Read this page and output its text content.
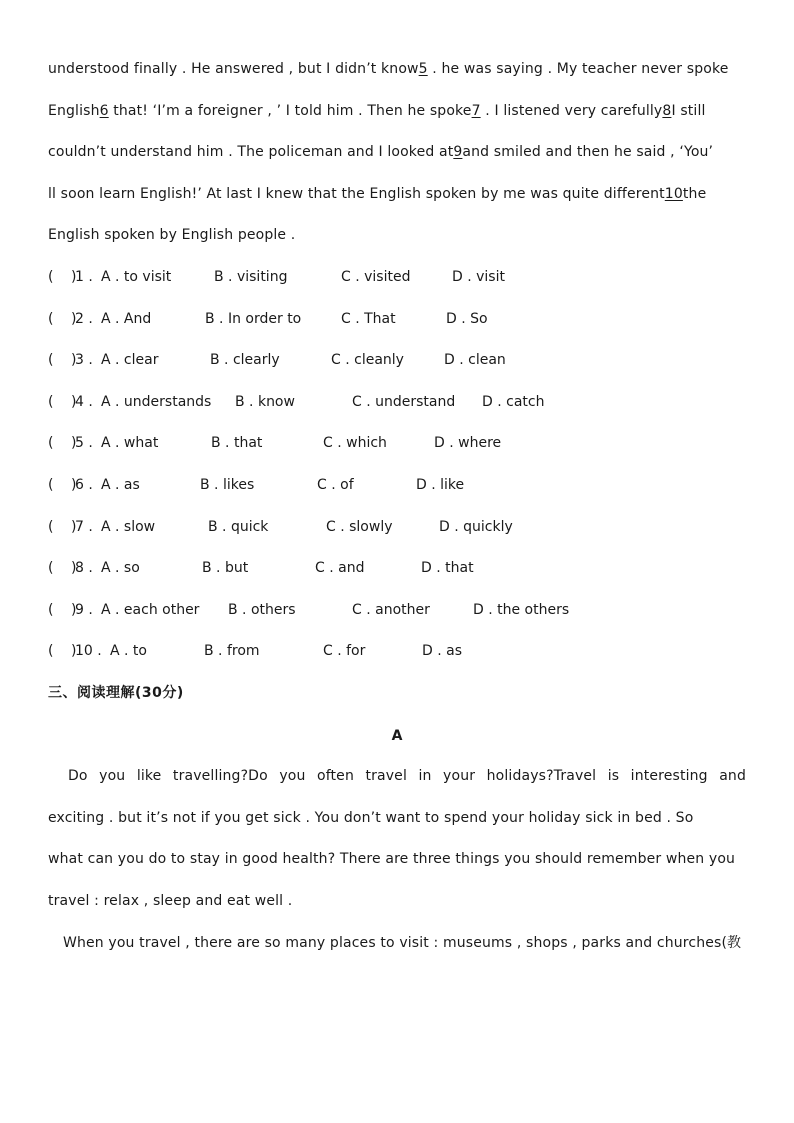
understood finally . He answered , but I didn’t know5 . he was saying . My teacher never spoke
English6 that! ‘I’m a foreigner , ’ I told him . Then he spoke7 . I listened very carefully8I still
couldn’t understand him . The policeman and I looked at9and smiled and then he said , ‘You’
ll soon learn English!’ At last I knew that the English spoken by me was quite different10the
English spoken by English people .
( )
1 . A . to visit	B . visiting	C . visited	D . visit
( )
2 . A . And	B . In order to	C . That	D . So
( )
3 . A . clear	B . clearly	C . cleanly	D . clean
( )
4 . A . understands B . know	C . understand D . catch
( )
5 . A . what	B . that	C . which	D . where
( )
6 . A . as	B . likes	C . of	D . like
( )
7 . A . slow	B . quick	C . slowly	D . quickly
( )
8 . A . so	B . but	C . and	D . that
( )
9 . A . each other B . others	C . another	D . the others
( )
10 . A . to	B . from	C . for	D . as
三、阅读理解(30分)
A
Do you like travelling?Do you often travel in your holidays?Travel is interesting and
exciting . but it’s not if you get sick . You don’t want to spend your holiday sick in bed . So
what can you do to stay in good health? There are three things you should remember when you
travel : relax , sleep and eat well .
When you travel , there are so many places to visit : museums , shops , parks and churches(教
